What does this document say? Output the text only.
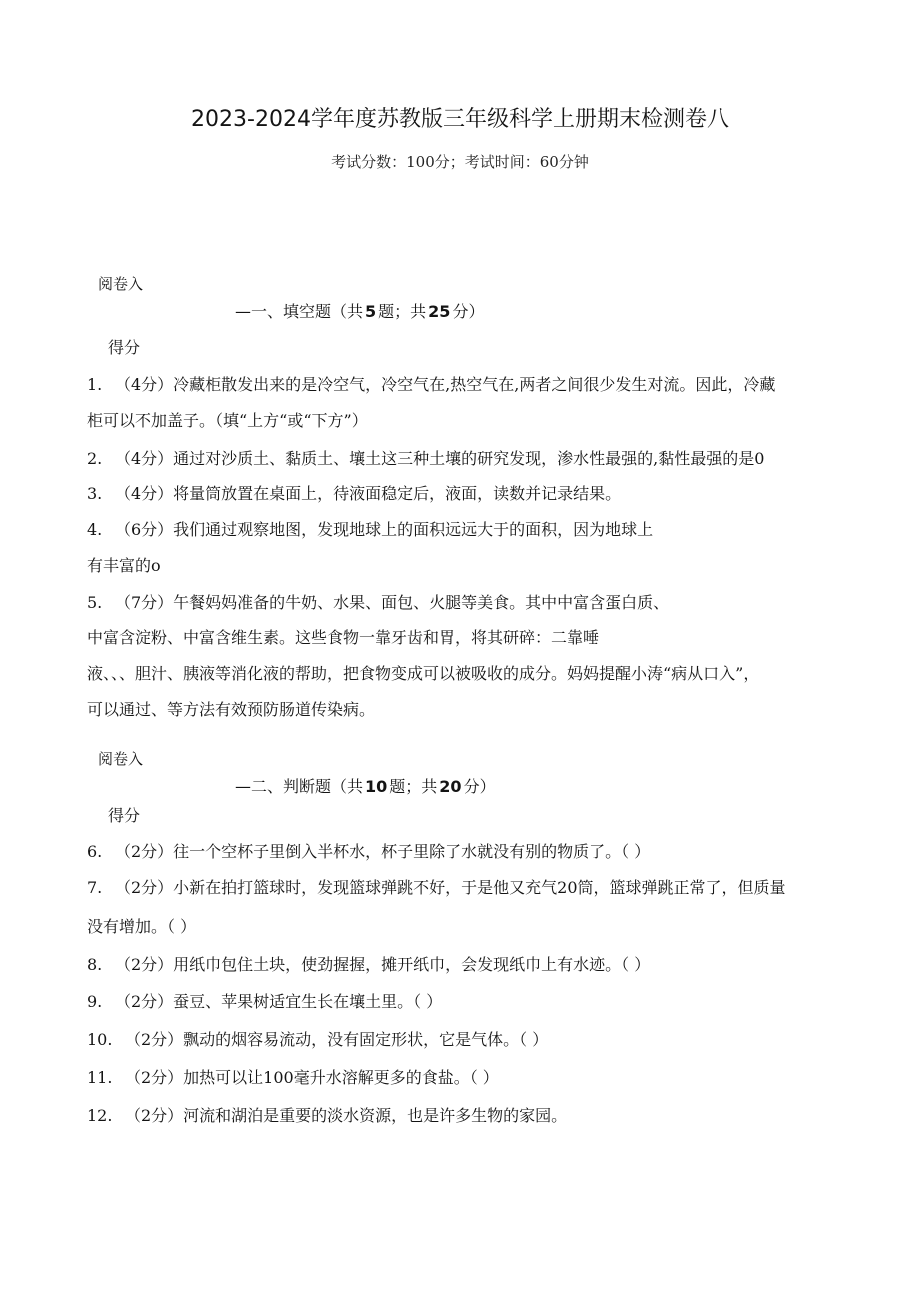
2023-2024学年度苏教版三年级科学上册期末检测卷八
考试分数：100分；考试时间：60分钟
阅卷入
—一、填空题（共 5 题；共 25 分）
得分
1. （4分）冷藏柜散发出来的是冷空气，冷空气在,热空气在,两者之间很少发生对流。因此，冷藏
柜可以不加盖子。（填“上方“或“下方”）
2. （4分）通过对沙质土、黏质土、壤土这三种土壤的研究发现，渗水性最强的,黏性最强的是0
3. （4分）将量筒放置在桌面上，待液面稳定后，液面，读数并记录结果。
4. （6分）我们通过观察地图，发现地球上的面积远远大于的面积，因为地球上
有丰富的o
5. （7分）午餐妈妈准备的牛奶、水果、面包、火腿等美食。其中中富含蛋白质、
中富含淀粉、中富含维生素。这些食物一靠牙齿和胃，将其研碎：二靠唾
液、、、胆汁、胰液等消化液的帮助，把食物变成可以被吸收的成分。妈妈提醒小涛“病从口入”，
可以通过、等方法有效预防肠道传染病。
阅卷入
—二、判断题（共 10 题；共 20 分）
得分
6. （2分）往一个空杯子里倒入半杯水，杯子里除了水就没有别的物质了。（ ）
7. （2分）小新在拍打篮球时，发现篮球弹跳不好，于是他又充气20筒，篮球弹跳正常了，但质量
没有增加。（ ）
8. （2分）用纸巾包住土块，使劲握握，摊开纸巾，会发现纸巾上有水迹。（ ）
9. （2分）蚕豆、苹果树适宜生长在壤土里。（ ）
10. （2分）飘动的烟容易流动，没有固定形状，它是气体。（ ）
11. （2分）加热可以让100毫升水溶解更多的食盐。（ ）
12. （2分）河流和湖泊是重要的淡水资源，也是许多生物的家园。
